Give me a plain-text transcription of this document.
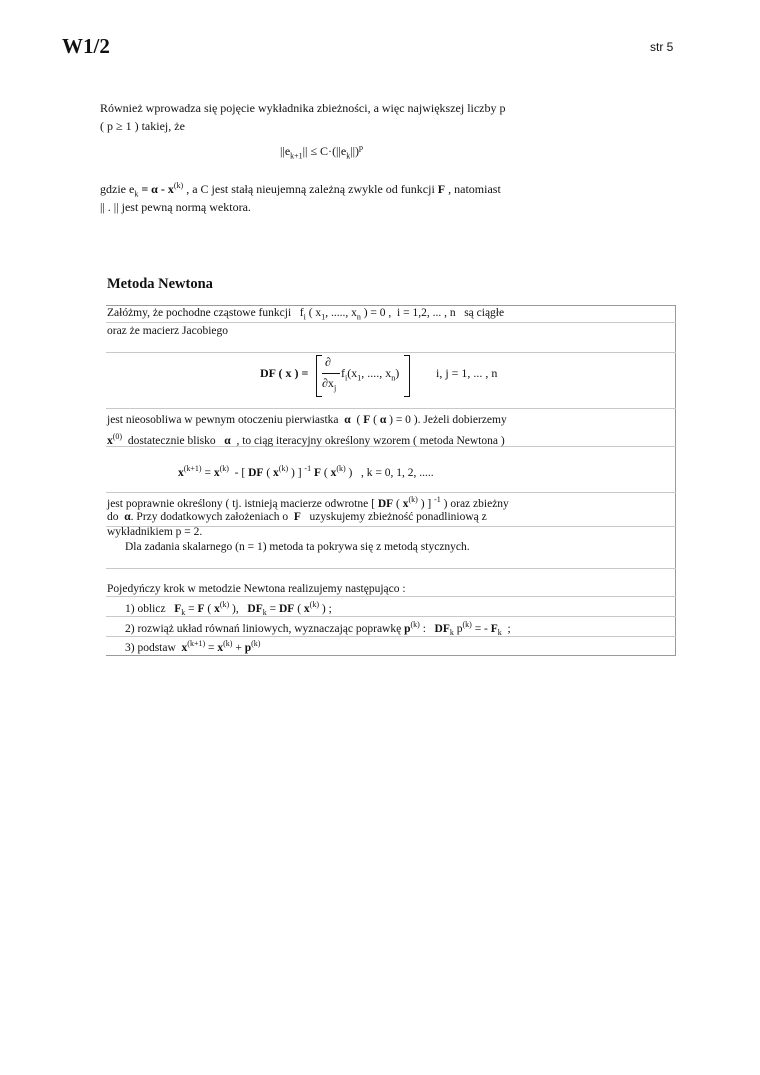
W1/2	str 5
Również wprowadza się pojęcie wykładnika zbieżności, a więc największej liczby p
( p ≥ 1 ) takiej, że
$||e_{k+1}|| \le C\cdot(||e_k||)^p$
gdzie $e_k = \alpha - x^{(k)}$ , a C jest stałą nieujemną zależną zwykle od funkcji F , natomiast
|| . || jest pewną normą wektora.
Metoda Newtona
Załóżmy, że pochodne cząstowe funkcji $f_i$ ( $x_1$, ....., $x_n$ ) = 0 , i = 1,2, ... , n są ciągłe
oraz że macierz Jacobiego
DF ( x ) =
∂
$\partial x_j$
$f_i(x_1$, ...., $x_n$)	i, j = 1, ... , n
jest nieosobliwa w pewnym otoczeniu pierwiastka α ( F ( α ) = 0 ). Jeżeli dobierzemy
$x^{(0)}$ dostatecznie blisko α , to ciąg iteracyjny określony wzorem ( metoda Newtona )
$x^{(k+1)} = x^{(k)}$ - [ DF ( $x^{(k)}$ ) ] $^{-1}$ F ( $x^{(k)}$ ) , k = 0, 1, 2, .....
jest poprawnie określony ( tj. istnieją macierze odwrotne [ DF ( $x^{(k)}$ ) ] $^{-1}$ ) oraz zbieżny
do α. Przy dodatkowych założeniach o F uzyskujemy zbieżność ponadliniową z
wykładnikiem p = 2.
Dla zadania skalarnego (n = 1) metoda ta pokrywa się z metodą stycznych.
Pojedyńczy krok w metodzie Newtona realizujemy następująco :
1) oblicz $F_k = F$ ( $x^{(k)}$ ), $DF_k$ = DF ( $x^{(k)}$ ) ;
2) rozwiąż układ równań liniowych, wyznaczając poprawkę $p^{(k)}$ : $DF_k$ $p^{(k)}$ = - $F_k$ ;
3) podstaw $x^{(k+1)} = x^{(k)} + p^{(k)}$
